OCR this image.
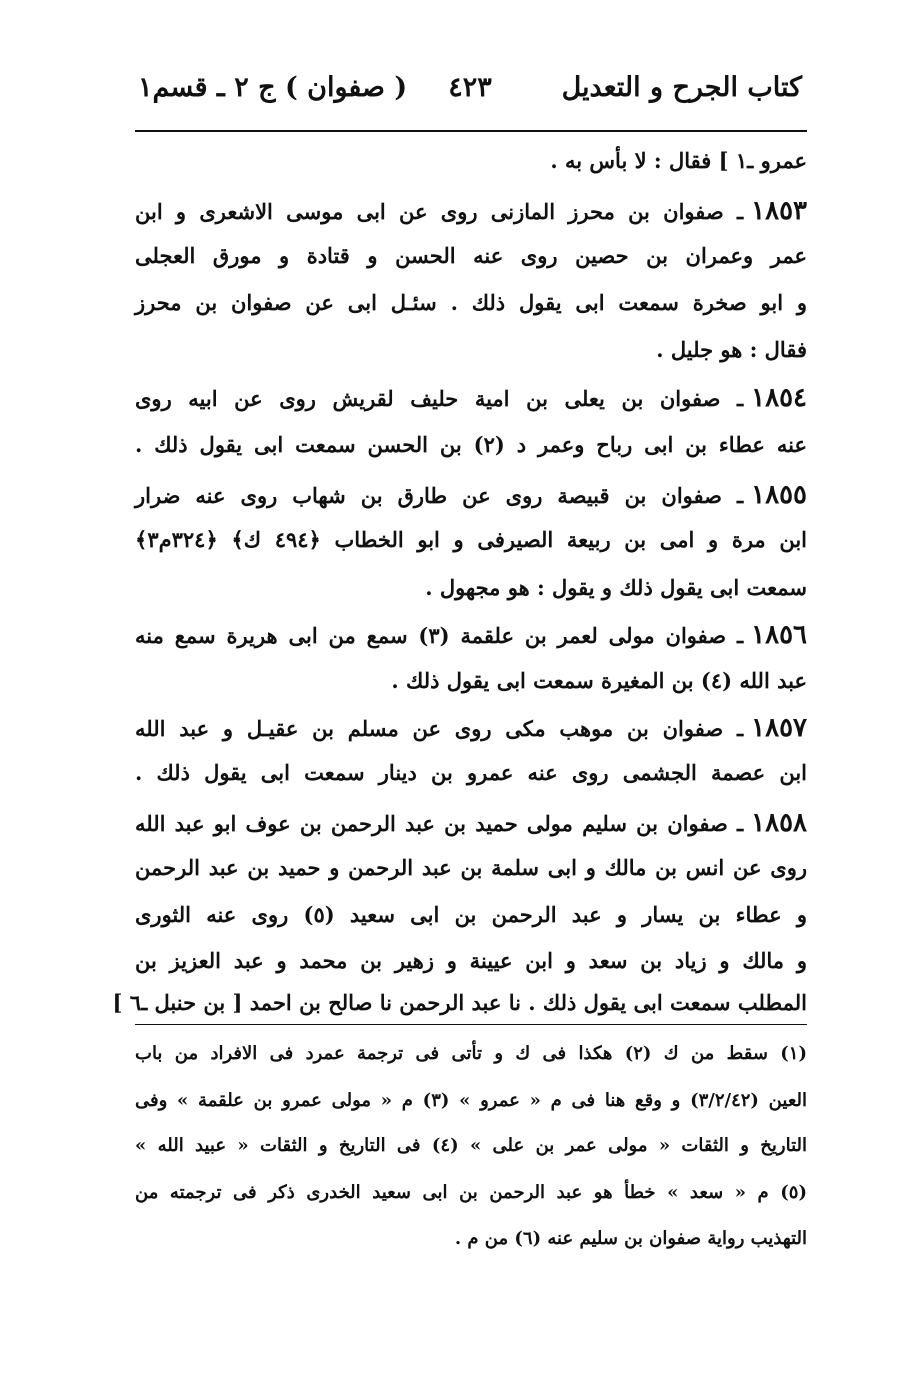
كتاب الجرح و التعديل
٤٢٣
( صفوان ) ج ٢ ـ قسم١
عمرو ـ١ ] فقال : لا بأس به .
١٨٥٣ـ صفوان بن محرز المازنى روى عن ابى موسى الاشعرى و ابن
عمر وعمران بن حصين روى عنه الحسن و قتادة و مورق العجلى
و ابو صخرة سمعت ابى يقول ذلك . سئـل ابى عن صفوان بن محرز
فقال : هو جليل .
١٨٥٤ـ صفوان بن يعلى بن امية حليف لقريش روى عن ابيه روى
عنه عطاء بن ابى رباح وعمر د (٢) بن الحسن سمعت ابى يقول ذلك .
١٨٥٥ـ صفوان بن قبيصة روى عن طارق بن شهاب روى عنه ضرار
ابن مرة و امى بن ربيعة الصيرفى و ابو الخطاب ﴿٤٩٤ ك﴾ ﴿٣٢٤م٣﴾
سمعت ابى يقول ذلك و يقول : هو مجهول .
١٨٥٦ـ صفوان مولى لعمر بن علقمة (٣) سمع من ابى هريرة سمع منه
عبد الله (٤) بن المغيرة سمعت ابى يقول ذلك .
١٨٥٧ـ صفوان بن موهب مكى روى عن مسلم بن عقيـل و عبد الله
ابن عصمة الجشمى روى عنه عمرو بن دينار سمعت ابى يقول ذلك .
١٨٥٨ـ صفوان بن سليم مولى حميد بن عبد الرحمن بن عوف ابو عبد الله
روى عن انس بن مالك و ابى سلمة بن عبد الرحمن و حميد بن عبد الرحمن
و عطاء بن يسار و عبد الرحمن بن ابى سعيد (٥) روى عنه الثورى
و مالك و زياد بن سعد و ابن عيينة و زهير بن محمد و عبد العزيز بن
المطلب سمعت ابى يقول ذلك . نا عبد الرحمن نا صالح بن احمد [ بن حنبل ـ٦ ]
(١) سقط من ك (٢) هكذا فى ك و تأتى فى ترجمة عمرد فى الافراد من باب
العين (٣/٢/٤٢) و وقع هنا فى م « عمرو » (٣) م « مولى عمرو بن علقمة » وفى
التاريخ و الثقات « مولى عمر بن على » (٤) فى التاريخ و الثقات « عبيد الله »
(٥) م « سعد » خطأ هو عبد الرحمن بن ابى سعيد الخدرى ذكر فى ترجمته من
التهذيب رواية صفوان بن سليم عنه (٦) من م .
